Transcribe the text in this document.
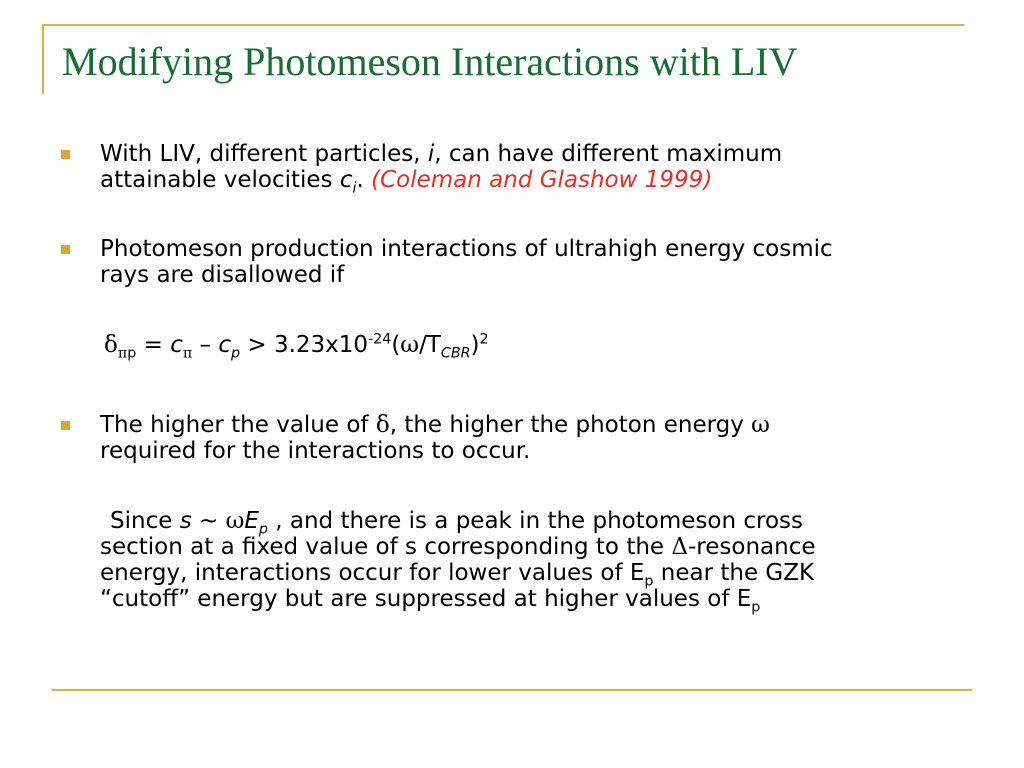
Modifying Photomeson Interactions with LIV
With LIV, different particles, i, can have different maximum
attainable velocities $c_i$. (Coleman and Glashow 1999)
Photomeson production interactions of ultrahigh energy cosmic
rays are disallowed if
$\delta_{\pi p} = c_\pi - c_p > 3.23x10^{-24}(\omega/T_{CBR})^2$
The higher the value of δ, the higher the photon energy ω
required for the interactions to occur.
Since s ~ $\omega E_p$ , and there is a peak in the photomeson cross
section at a fixed value of s corresponding to the Δ-resonance
energy, interactions occur for lower values of $E_p$ near the GZK
“cutoff” energy but are suppressed at higher values of $E_p$
